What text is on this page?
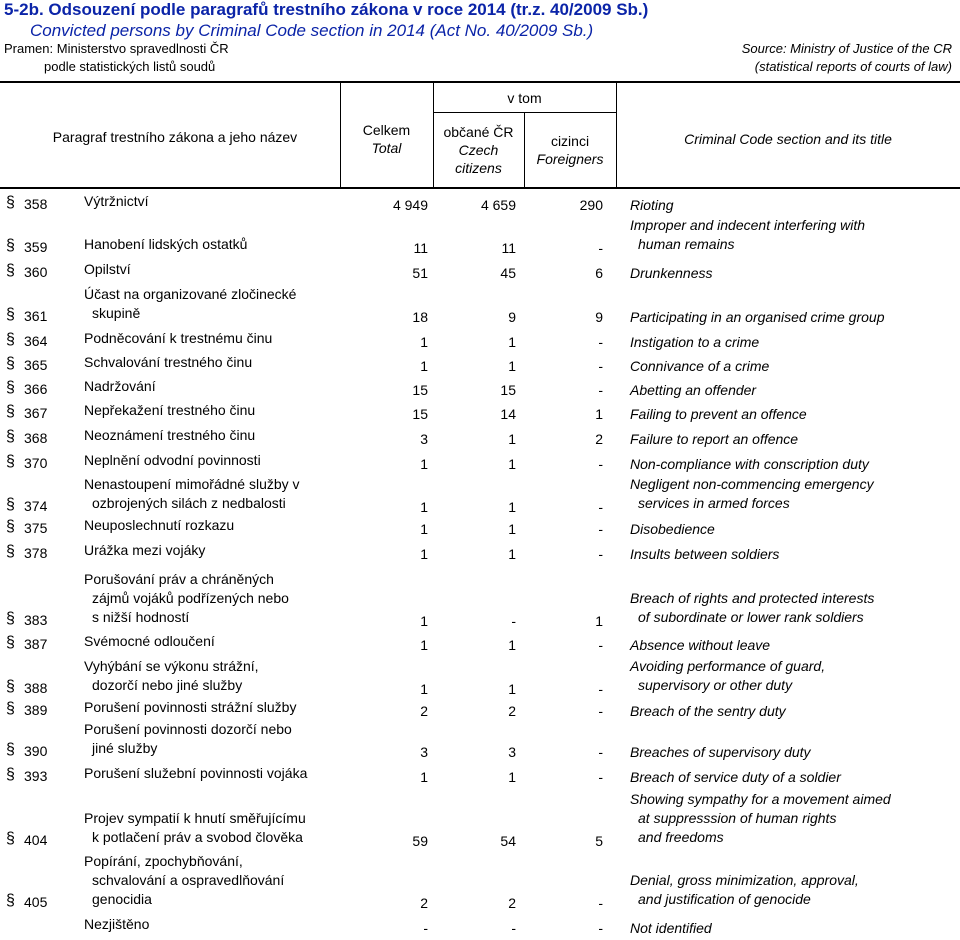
5-2b. Odsouzení podle paragrafů trestního zákona v roce 2014 (tr.z. 40/2009 Sb.)
Convicted persons by Criminal Code section in 2014 (Act No. 40/2009 Sb.)
Pramen: Ministerstvo spravedlnosti ČR
podle statistických listů soudů
Source: Ministry of Justice of the CR
(statistical reports of courts of law)
Paragraf trestního zákona a jeho název	Celkem
Total
v tom
občané ČR
Czech
citizens
cizinci
Foreigners
Criminal Code section and its title
§ 358	Výtržnictví	4 949	4 659	290 Rioting
§ 359	Hanobení lidských ostatků	11	11	-
Improper and indecent interfering with
human remains
§ 360	Opilství	51	45	6 Drunkenness
§ 361
Účast na organizované zločinecké
skupině	18	9	9 Participating in an organised crime group
§ 364	Podněcování k trestnému činu	1	1	- Instigation to a crime
§ 365	Schvalování trestného činu	1	1	- Connivance of a crime
§ 366	Nadržování	15	15	- Abetting an offender
§ 367	Nepřekažení trestného činu	15	14	1 Failing to prevent an offence
§ 368	Neoznámení trestného činu	3	1	2 Failure to report an offence
§ 370	Neplnění odvodní povinnosti	1	1	- Non-compliance with conscription duty
§ 374
Nenastoupení mimořádné služby v
ozbrojených silách z nedbalosti	1	1	-
Negligent non-commencing emergency
services in armed forces
§ 375	Neuposlechnutí rozkazu	1	1	- Disobedience
§ 378	Urážka mezi vojáky	1	1	- Insults between soldiers
§ 383
Porušování práv a chráněných
zájmů vojáků podřízených nebo
s nižší hodností	1	-	1
Breach of rights and protected interests
of subordinate or lower rank soldiers
§ 387	Svémocné odloučení	1	1	- Absence without leave
§ 388
Vyhýbání se výkonu strážní,
dozorčí nebo jiné služby	1	1	-
Avoiding performance of guard,
supervisory or other duty
§ 389	Porušení povinnosti strážní služby	2	2	- Breach of the sentry duty
§ 390
Porušení povinnosti dozorčí nebo
jiné služby	3	3	- Breaches of supervisory duty
§ 393	Porušení služební povinnosti vojáka	1	1	- Breach of service duty of a soldier
§ 404
Projev sympatií k hnutí směřujícímu
k potlačení práv a svobod člověka	59	54	5
Showing sympathy for a movement aimed
at suppresssion of human rights
and freedoms
§ 405
Popírání, zpochybňování,
schvalování a ospravedlňování
genocidia	2	2	-
Denial, gross minimization, approval,
and justification of genocide
Nezjištěno	-	-	- Not identified
